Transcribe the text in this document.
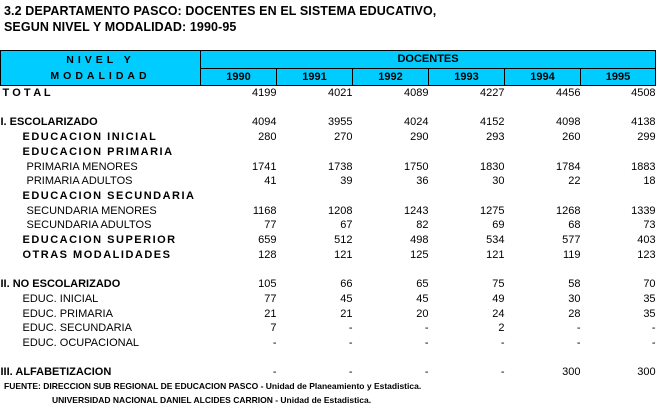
3.2 DEPARTAMENTO PASCO: DOCENTES EN EL SISTEMA EDUCATIVO,
SEGUN NIVEL Y MODALIDAD: 1990-95
NIVEL Y
MODALIDAD	DOCENTES					
	1990	1991	1992	1993	1994	1995
T O T A L	4199	4021	4089	4227	4456	4508

I. ESCOLARIZADO	4094	3955	4024	4152	4098	4138
EDUCACION INICIAL	280	270	290	293	260	299
EDUCACION PRIMARIA						
PRIMARIA MENORES	1741	1738	1750	1830	1784	1883
PRIMARIA ADULTOS	41	39	36	30	22	18
EDUCACION SECUNDARIA						
SECUNDARIA MENORES	1168	1208	1243	1275	1268	1339
SECUNDARIA ADULTOS	77	67	82	69	68	73
EDUCACION SUPERIOR	659	512	498	534	577	403
OTRAS MODALIDADES	128	121	125	121	119	123

II. NO ESCOLARIZADO	105	66	65	75	58	70
EDUC. INICIAL	77	45	45	49	30	35
EDUC. PRIMARIA	21	21	20	24	28	35
EDUC. SECUNDARIA	7	-	-	2	-	-
EDUC. OCUPACIONAL	-	-	-	-	-	-

III. ALFABETIZACION	-	-	-	-	300	300
FUENTE: DIRECCION SUB REGIONAL DE EDUCACION PASCO - Unidad de Planeamiento y Estadistica.
UNIVERSIDAD NACIONAL DANIEL ALCIDES CARRION - Unidad de Estadistica.
